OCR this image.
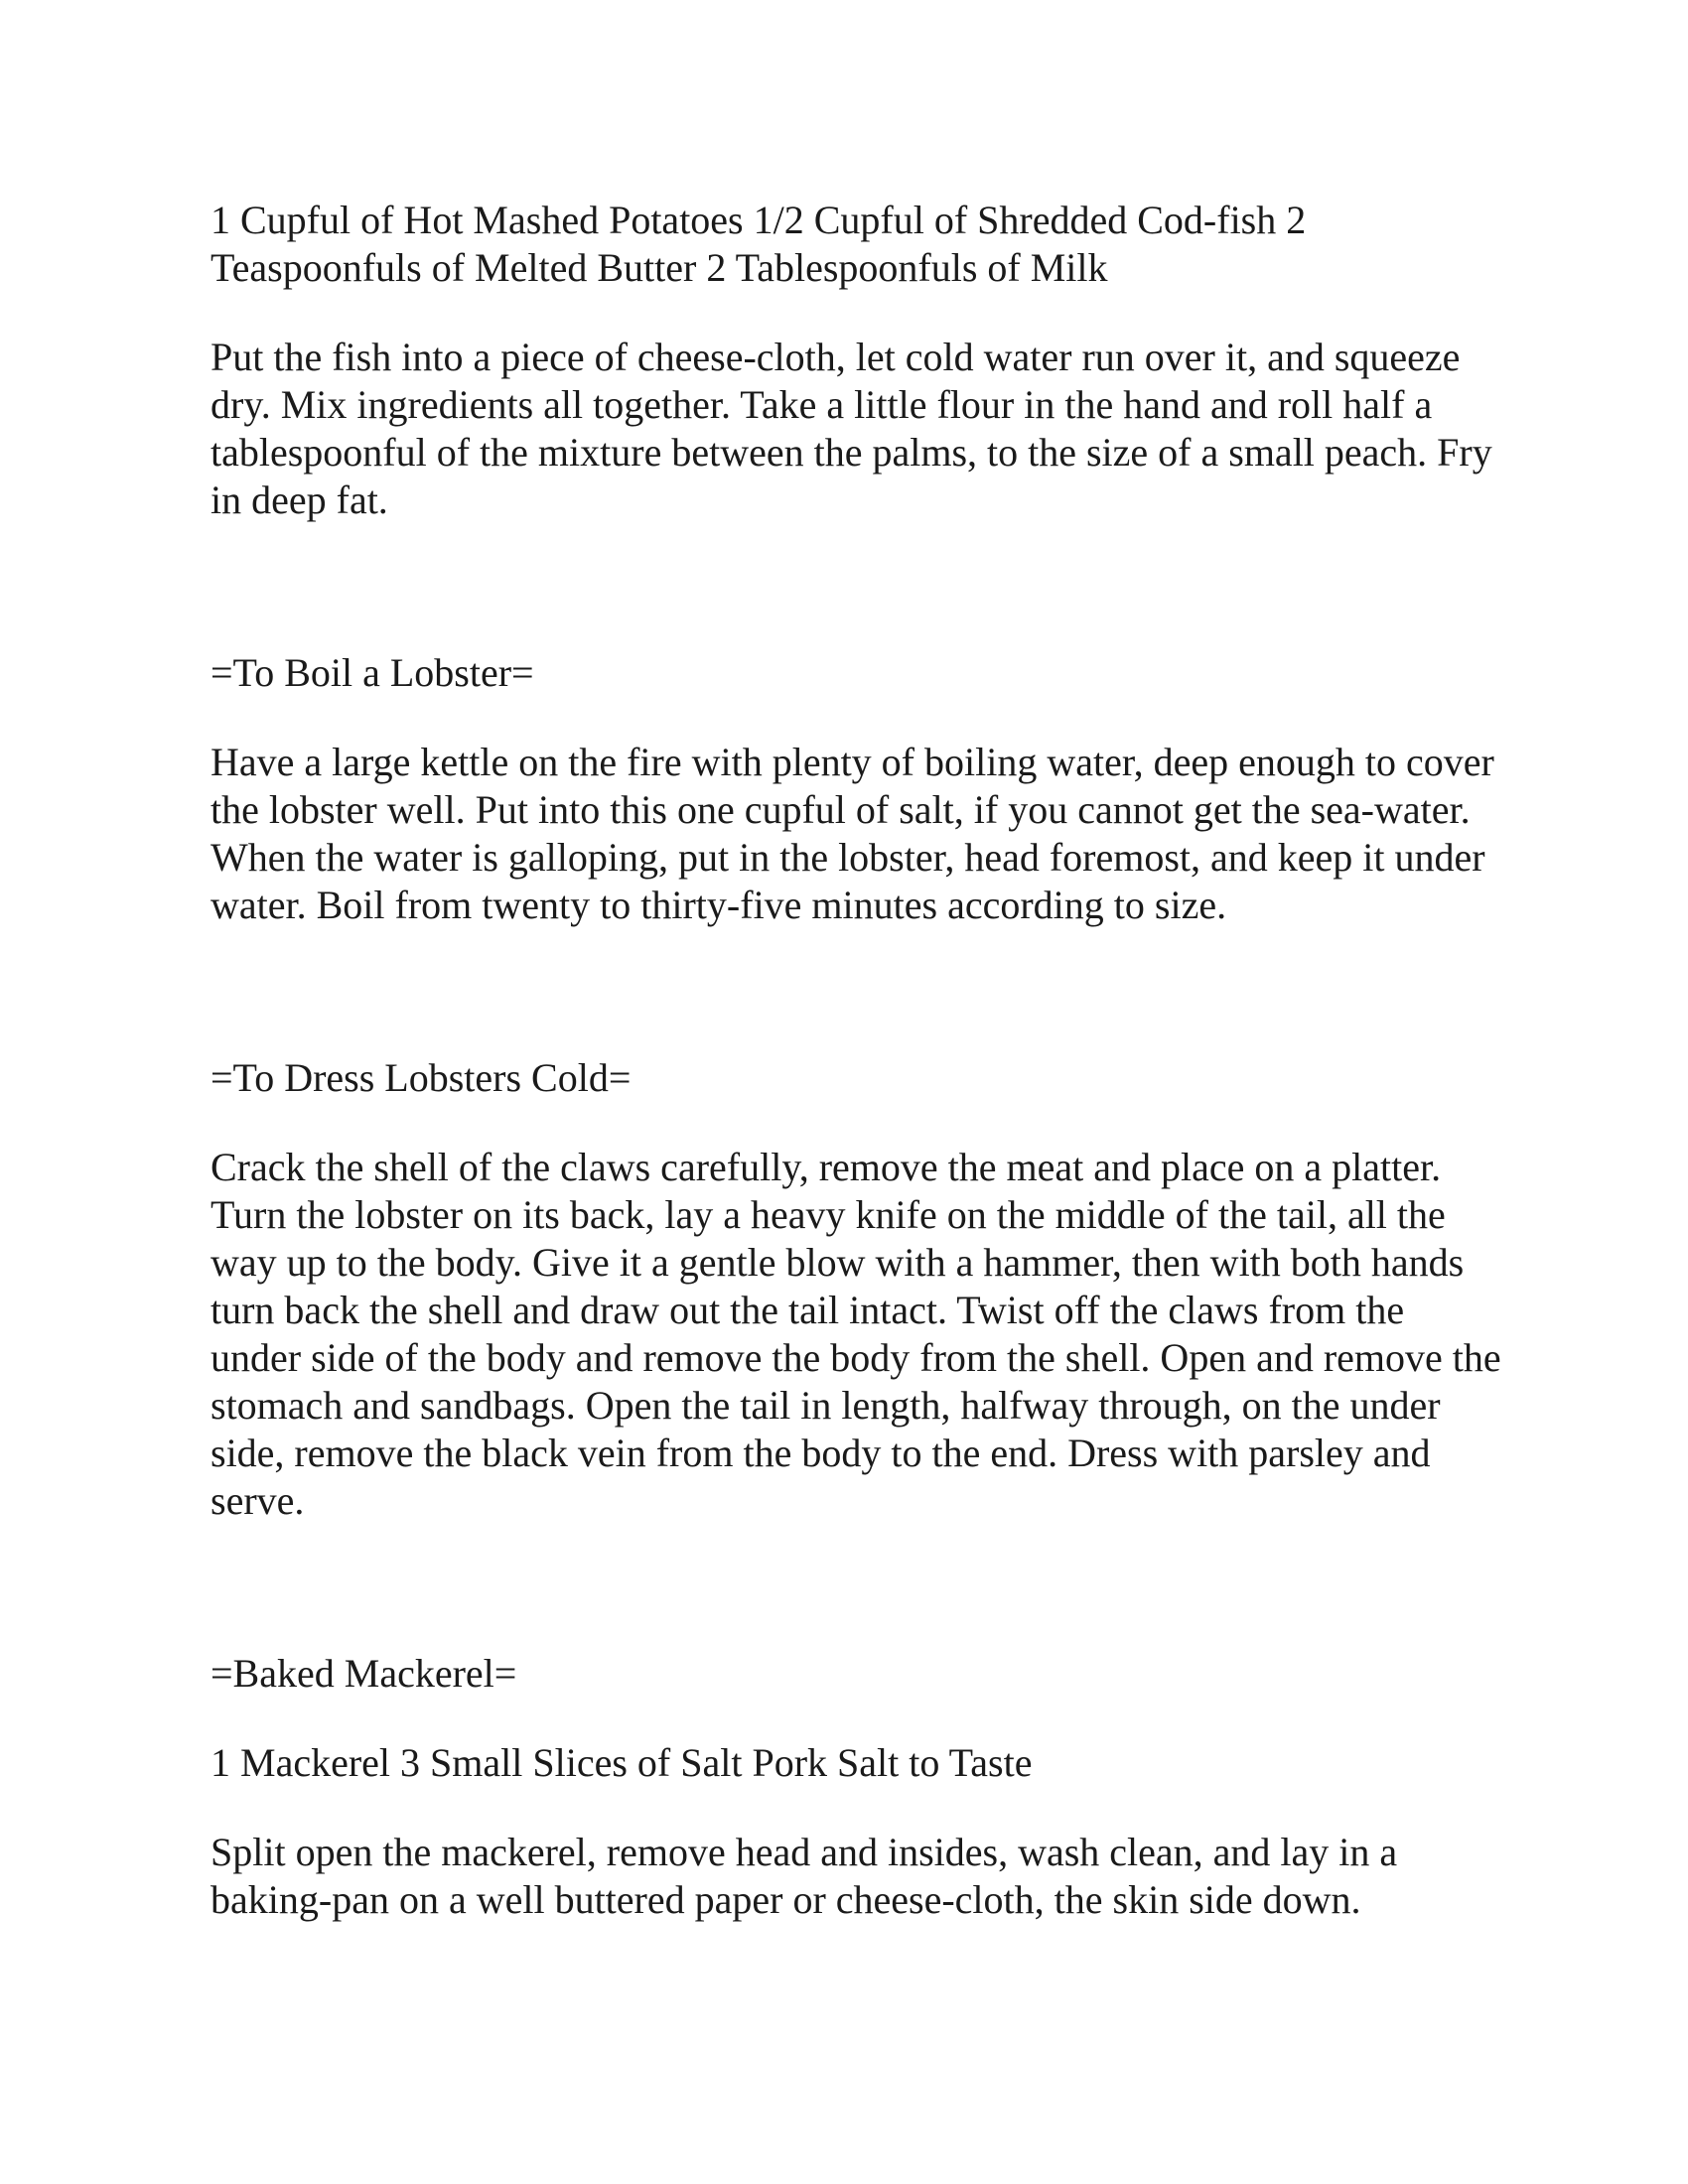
1 Cupful of Hot Mashed Potatoes 1/2 Cupful of Shredded Cod-fish 2 Teaspoonfuls of Melted Butter 2 Tablespoonfuls of Milk

Put the fish into a piece of cheese-cloth, let cold water run over it, and squeeze dry. Mix ingredients all together. Take a little flour in the hand and roll half a tablespoonful of the mixture between the palms, to the size of a small peach. Fry in deep fat.

=To Boil a Lobster=

Have a large kettle on the fire with plenty of boiling water, deep enough to cover the lobster well. Put into this one cupful of salt, if you cannot get the sea-water. When the water is galloping, put in the lobster, head foremost, and keep it under water. Boil from twenty to thirty-five minutes according to size.

=To Dress Lobsters Cold=

Crack the shell of the claws carefully, remove the meat and place on a platter. Turn the lobster on its back, lay a heavy knife on the middle of the tail, all the way up to the body. Give it a gentle blow with a hammer, then with both hands turn back the shell and draw out the tail intact. Twist off the claws from the under side of the body and remove the body from the shell. Open and remove the stomach and sandbags. Open the tail in length, halfway through, on the under side, remove the black vein from the body to the end. Dress with parsley and serve.

=Baked Mackerel=

1 Mackerel 3 Small Slices of Salt Pork Salt to Taste

Split open the mackerel, remove head and insides, wash clean, and lay in a baking-pan on a well buttered paper or cheese-cloth, the skin side down.
